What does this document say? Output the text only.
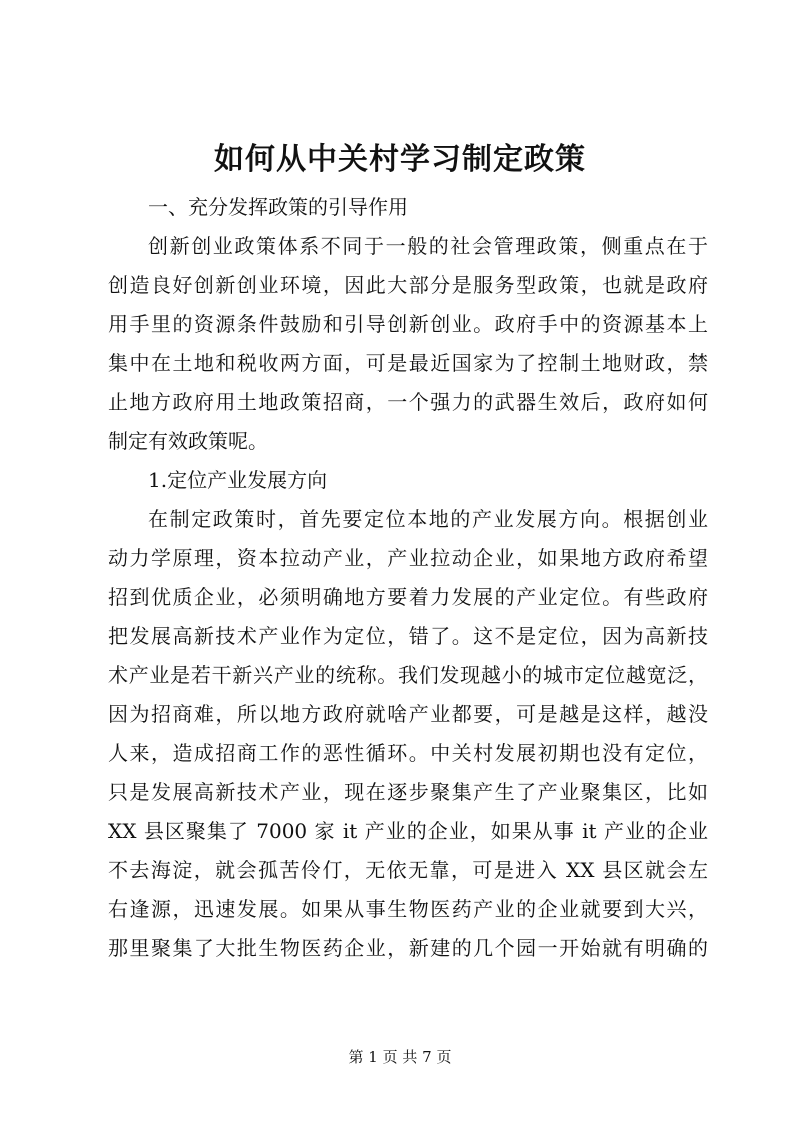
如何从中关村学习制定政策
一、充分发挥政策的引导作用
创新创业政策体系不同于一般的社会管理政策，侧重点在于
创造良好创新创业环境，因此大部分是服务型政策，也就是政府
用手里的资源条件鼓励和引导创新创业。政府手中的资源基本上
集中在土地和税收两方面，可是最近国家为了控制土地财政，禁
止地方政府用土地政策招商，一个强力的武器生效后，政府如何
制定有效政策呢。
1.定位产业发展方向
在制定政策时，首先要定位本地的产业发展方向。根据创业
动力学原理，资本拉动产业，产业拉动企业，如果地方政府希望
招到优质企业，必须明确地方要着力发展的产业定位。有些政府
把发展高新技术产业作为定位，错了。这不是定位，因为高新技
术产业是若干新兴产业的统称。我们发现越小的城市定位越宽泛，
因为招商难，所以地方政府就啥产业都要，可是越是这样，越没
人来，造成招商工作的恶性循环。中关村发展初期也没有定位，
只是发展高新技术产业，现在逐步聚集产生了产业聚集区，比如
XX 县区聚集了 7000 家 it 产业的企业，如果从事 it 产业的企业
不去海淀，就会孤苦伶仃，无依无靠，可是进入 XX 县区就会左
右逢源，迅速发展。如果从事生物医药产业的企业就要到大兴，
那里聚集了大批生物医药企业，新建的几个园一开始就有明确的
第 1 页 共 7 页
